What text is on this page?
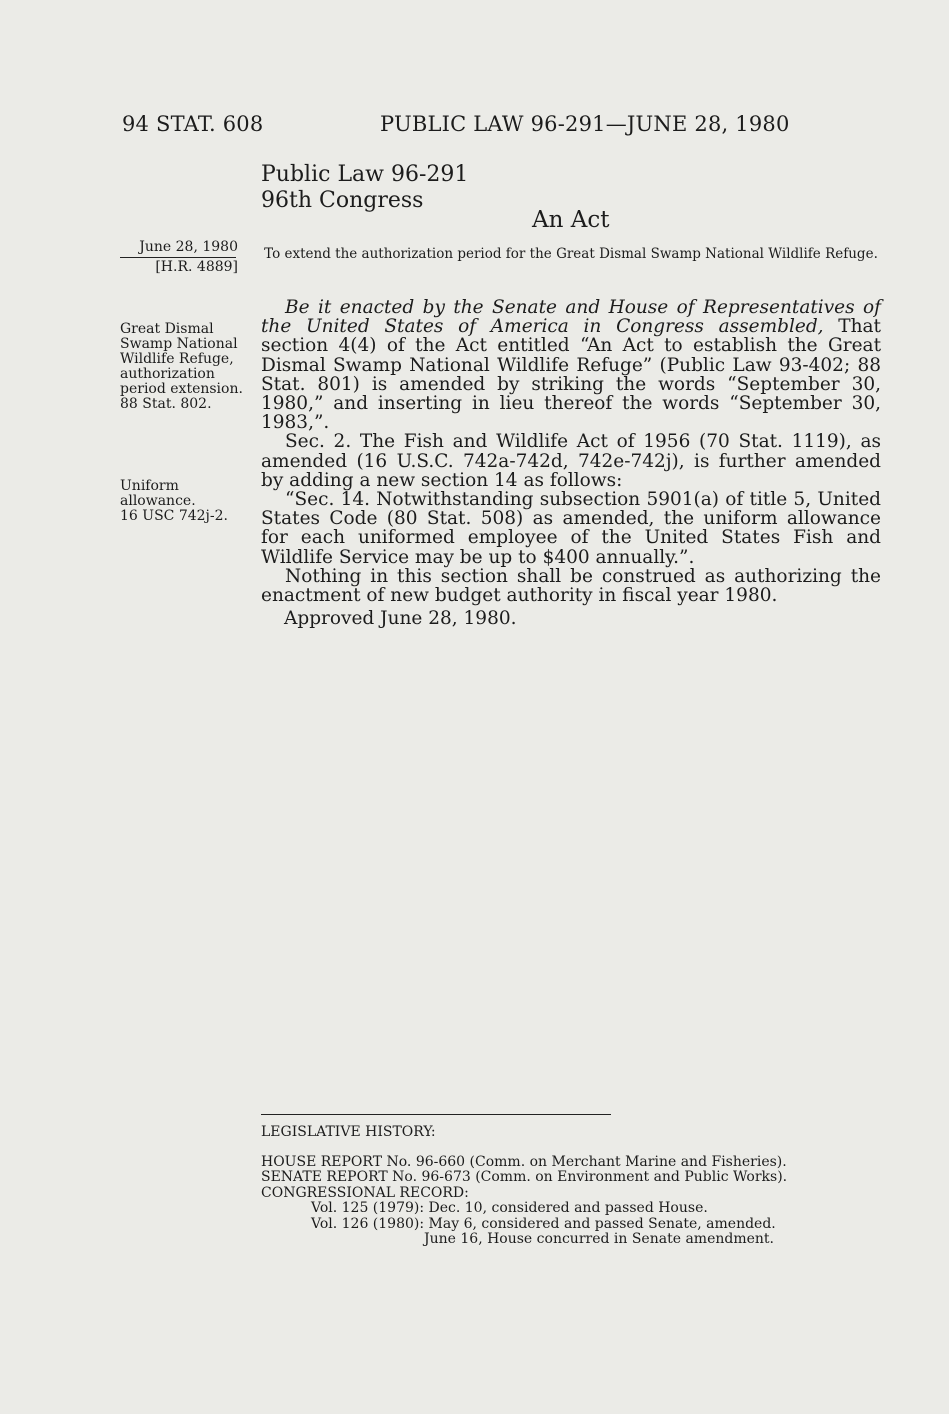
94 STAT. 608	PUBLIC LAW 96-291—JUNE 28, 1980
Public Law 96-291
96th Congress
An Act
June 28, 1980
[H.R. 4889]
To extend the authorization period for the Great Dismal Swamp National Wildlife Refuge.
Great Dismal
Swamp National
Wildlife Refuge,
authorization
period extension.
88 Stat. 802.
Uniform
allowance.
16 USC 742j-2.

Be it enacted by the Senate and House of Representatives of the United States of America in Congress assembled, That section 4(4) of the Act entitled “An Act to establish the Great Dismal Swamp National Wildlife Refuge” (Public Law 93-402; 88 Stat. 801) is amended by striking the words “September 30, 1980,” and inserting in lieu thereof the words “September 30, 1983,”.

Sec. 2. The Fish and Wildlife Act of 1956 (70 Stat. 1119), as amended (16 U.S.C. 742a-742d, 742e-742j), is further amended by adding a new section 14 as follows:

“Sec. 14. Notwithstanding subsection 5901(a) of title 5, United States Code (80 Stat. 508) as amended, the uniform allowance for each uniformed employee of the United States Fish and Wildlife Service may be up to $400 annually.”.

Nothing in this section shall be construed as authorizing the enactment of new budget authority in fiscal year 1980.

Approved June 28, 1980.
LEGISLATIVE HISTORY:
HOUSE REPORT No. 96-660 (Comm. on Merchant Marine and Fisheries).
SENATE REPORT No. 96-673 (Comm. on Environment and Public Works).
CONGRESSIONAL RECORD:
Vol. 125 (1979): Dec. 10, considered and passed House.
Vol. 126 (1980): May 6, considered and passed Senate, amended.
June 16, House concurred in Senate amendment.
